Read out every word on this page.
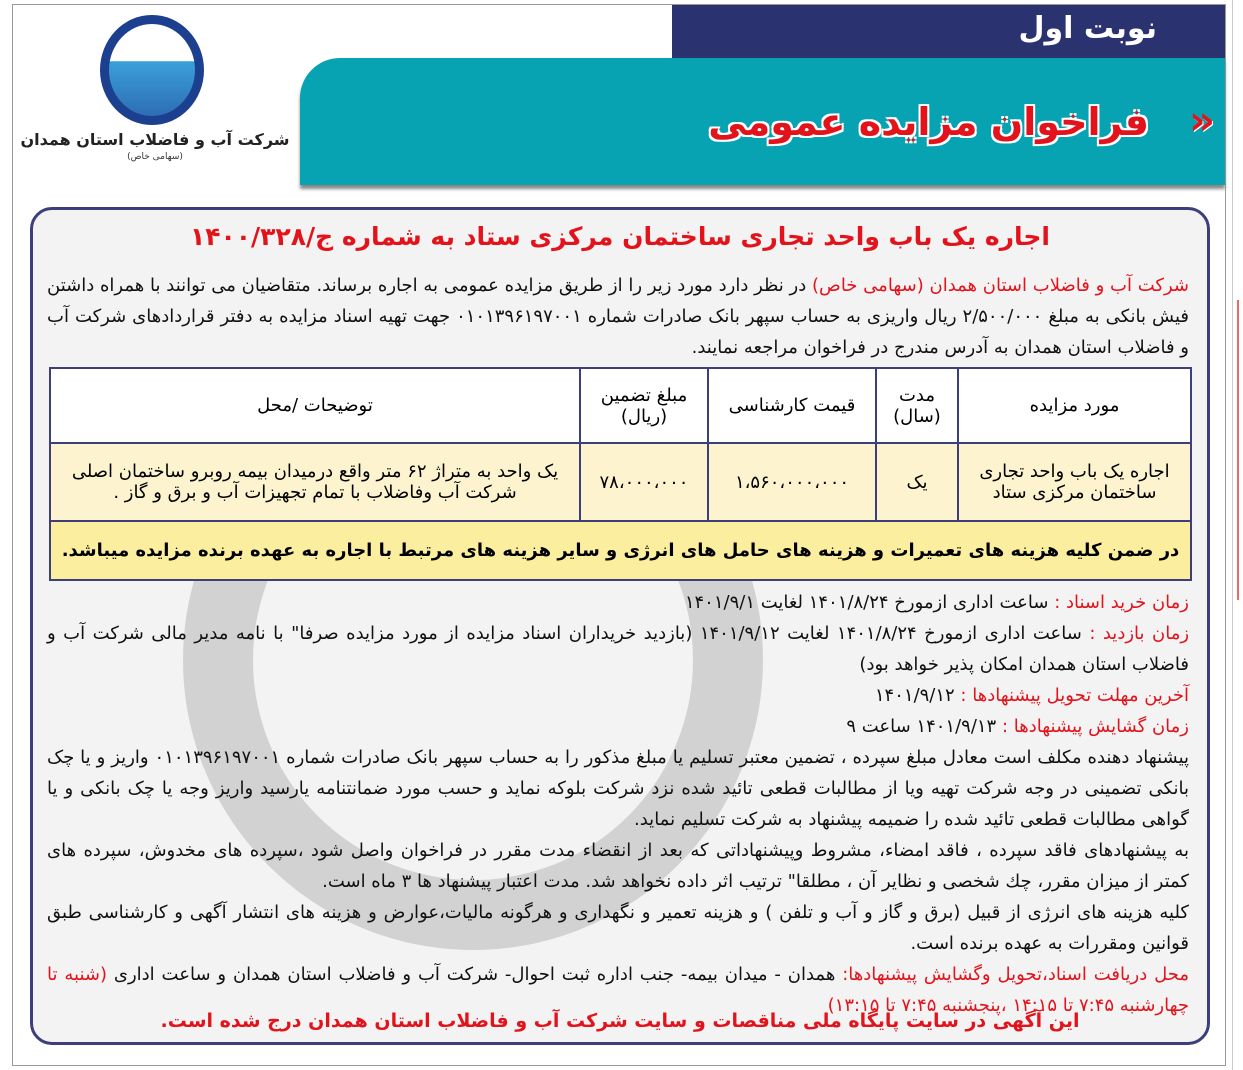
نوبت اول
«
فراخوان مزایده عمومی
شرکت آب و فاضلاب استان همدان
(سهامی خاص)
اجاره یک باب واحد تجاری ساختمان مرکزی ستاد به شماره ج/۱۴۰۰/۳۲۸
شرکت آب و فاضلاب استان همدان (سهامی خاص) در نظر دارد مورد زیر را از طریق مزایده عمومی به اجاره برساند. متقاضیان می توانند با همراه داشتن فیش بانکی به مبلغ ۲/۵۰۰/۰۰۰ ریال واریزی به حساب سپهر بانک صادرات شماره ۰۱۰۱۳۹۶۱۹۷۰۰۱ جهت تهیه اسناد مزایده به دفتر قراردادهای شرکت آب و فاضلاب استان همدان به آدرس مندرج در فراخوان مراجعه نمایند.
مورد مزایده	مدت (سال)	قیمت کارشناسی	مبلغ تضمین (ریال)	توضیحات /محل
اجاره یک باب واحد تجاری ساختمان مرکزی ستاد	یک	۱،۵۶۰،۰۰۰،۰۰۰	۷۸،۰۰۰،۰۰۰	یک واحد به متراژ ۶۲ متر واقع درمیدان بیمه روبرو ساختمان اصلی شرکت آب وفاضلاب با تمام تجهیزات آب و برق و گاز .
در ضمن کلیه هزینه های تعمیرات و هزینه های حامل های انرژی و سایر هزینه های مرتبط با اجاره به عهده برنده مزایده میباشد.				
زمان خرید اسناد : ساعت اداری ازمورخ ۱۴۰۱/۸/۲۴ لغایت ۱۴۰۱/۹/۱
زمان بازدید : ساعت اداری ازمورخ ۱۴۰۱/۸/۲۴ لغایت ۱۴۰۱/۹/۱۲ (بازدید خریداران اسناد مزایده از مورد مزایده صرفا" با نامه مدیر مالی شرکت آب و فاضلاب استان همدان امکان پذیر خواهد بود)
آخرین مهلت تحویل پیشنهادها : ۱۴۰۱/۹/۱۲
زمان گشایش پیشنهادها : ۱۴۰۱/۹/۱۳ ساعت ۹
پیشنهاد دهنده مکلف است معادل مبلغ سپرده ، تضمین معتبر تسلیم یا مبلغ مذکور را به حساب سپهر بانک صادرات شماره ۰۱۰۱۳۹۶۱۹۷۰۰۱ واریز و یا چک بانکی تضمینی در وجه شرکت تهیه ویا از مطالبات قطعی تائید شده نزد شرکت بلوکه نماید و حسب مورد ضمانتنامه یارسید واریز وجه یا چک بانکی و یا گواهی مطالبات قطعی تائید شده را ضمیمه پیشنهاد به شرکت تسلیم نماید.
به پیشنهادهای فاقد سپرده ، فاقد امضاء، مشروط وپیشنهاداتی که بعد از انقضاء مدت مقرر در فراخوان واصل شود ،سپرده های مخدوش، سپرده های کمتر از میزان مقرر، چك شخصی و نظایر آن ، مطلقا" ترتیب اثر داده نخواهد شد. مدت اعتبار پیشنهاد ها ۳ ماه است.
کلیه هزینه های انرژی از قبیل (برق و گاز و آب و تلفن ) و هزینه تعمیر و نگهداری و هرگونه مالیات،عوارض و هزینه های انتشار آگهی و کارشناسی طبق قوانین ومقررات به عهده برنده است.
محل دریافت اسناد،تحویل وگشایش پیشنهادها: همدان - میدان بیمه- جنب اداره ثبت احوال- شرکت آب و فاضلاب استان همدان و ساعت اداری (شنبه تا چهارشنبه ۷:۴۵ تا ۱۴:۱۵ ،پنجشنبه ۷:۴۵ تا ۱۳:۱۵)
این آگهی در سایت پایگاه ملی مناقصات و سایت شرکت آب و فاضلاب استان همدان درج شده است.
